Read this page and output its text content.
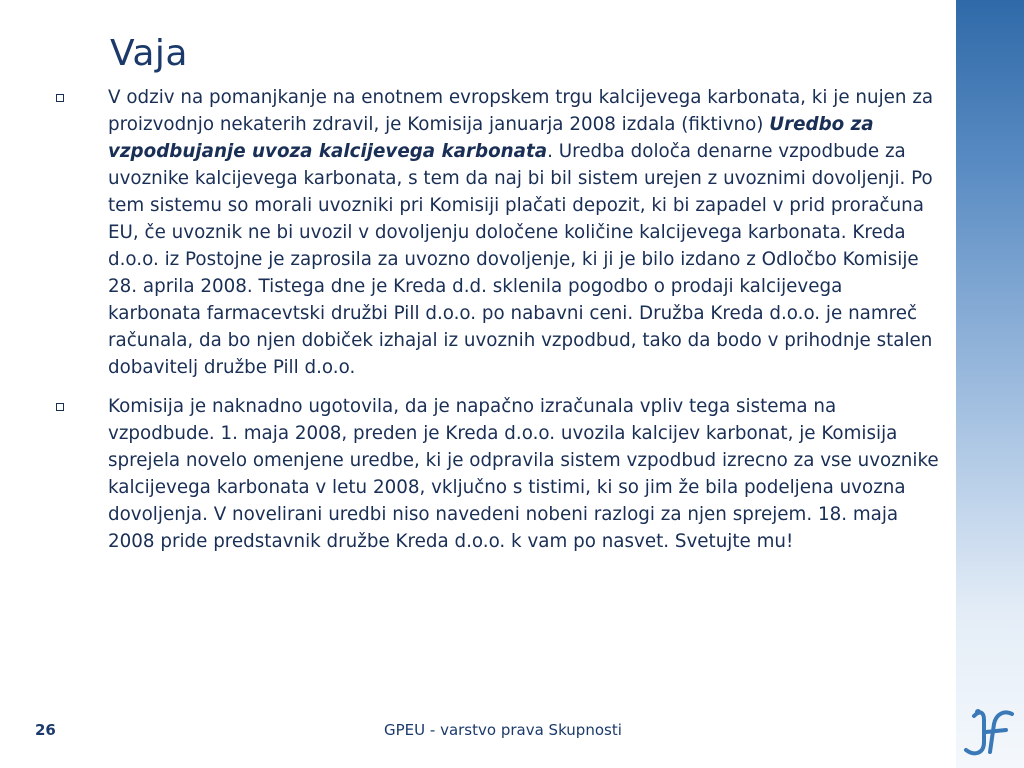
Vaja

V odziv na pomanjkanje na enotnem evropskem trgu kalcijevega karbonata, ki je nujen za proizvodnjo nekaterih zdravil, je Komisija januarja 2008 izdala (fiktivno) Uredbo za vzpodbujanje uvoza kalcijevega karbonata. Uredba določa denarne vzpodbude za uvoznike kalcijevega karbonata, s tem da naj bi bil sistem urejen z uvoznimi dovoljenji. Po tem sistemu so morali uvozniki pri Komisiji plačati depozit, ki bi zapadel v prid proračuna EU, če uvoznik ne bi uvozil v dovoljenju določene količine kalcijevega karbonata. Kreda d.o.o. iz Postojne je zaprosila za uvozno dovoljenje, ki ji je bilo izdano z Odločbo Komisije 28. aprila 2008. Tistega dne je Kreda d.d. sklenila pogodbo o prodaji kalcijevega karbonata farmacevtski družbi Pill d.o.o. po nabavni ceni. Družba Kreda d.o.o. je namreč računala, da bo njen dobiček izhajal iz uvoznih vzpodbud, tako da bodo v prihodnje stalen dobavitelj družbe Pill d.o.o.

Komisija je naknadno ugotovila, da je napačno izračunala vpliv tega sistema na vzpodbude. 1. maja 2008, preden je Kreda d.o.o. uvozila kalcijev karbonat, je Komisija sprejela novelo omenjene uredbe, ki je odpravila sistem vzpodbud izrecno za vse uvoznike kalcijevega karbonata v letu 2008, vključno s tistimi, ki so jim že bila podeljena uvozna dovoljenja. V novelirani uredbi niso navedeni nobeni razlogi za njen sprejem. 18. maja 2008 pride predstavnik družbe Kreda d.o.o. k vam po nasvet. Svetujte mu!

26	GPEU - varstvo prava Skupnosti
